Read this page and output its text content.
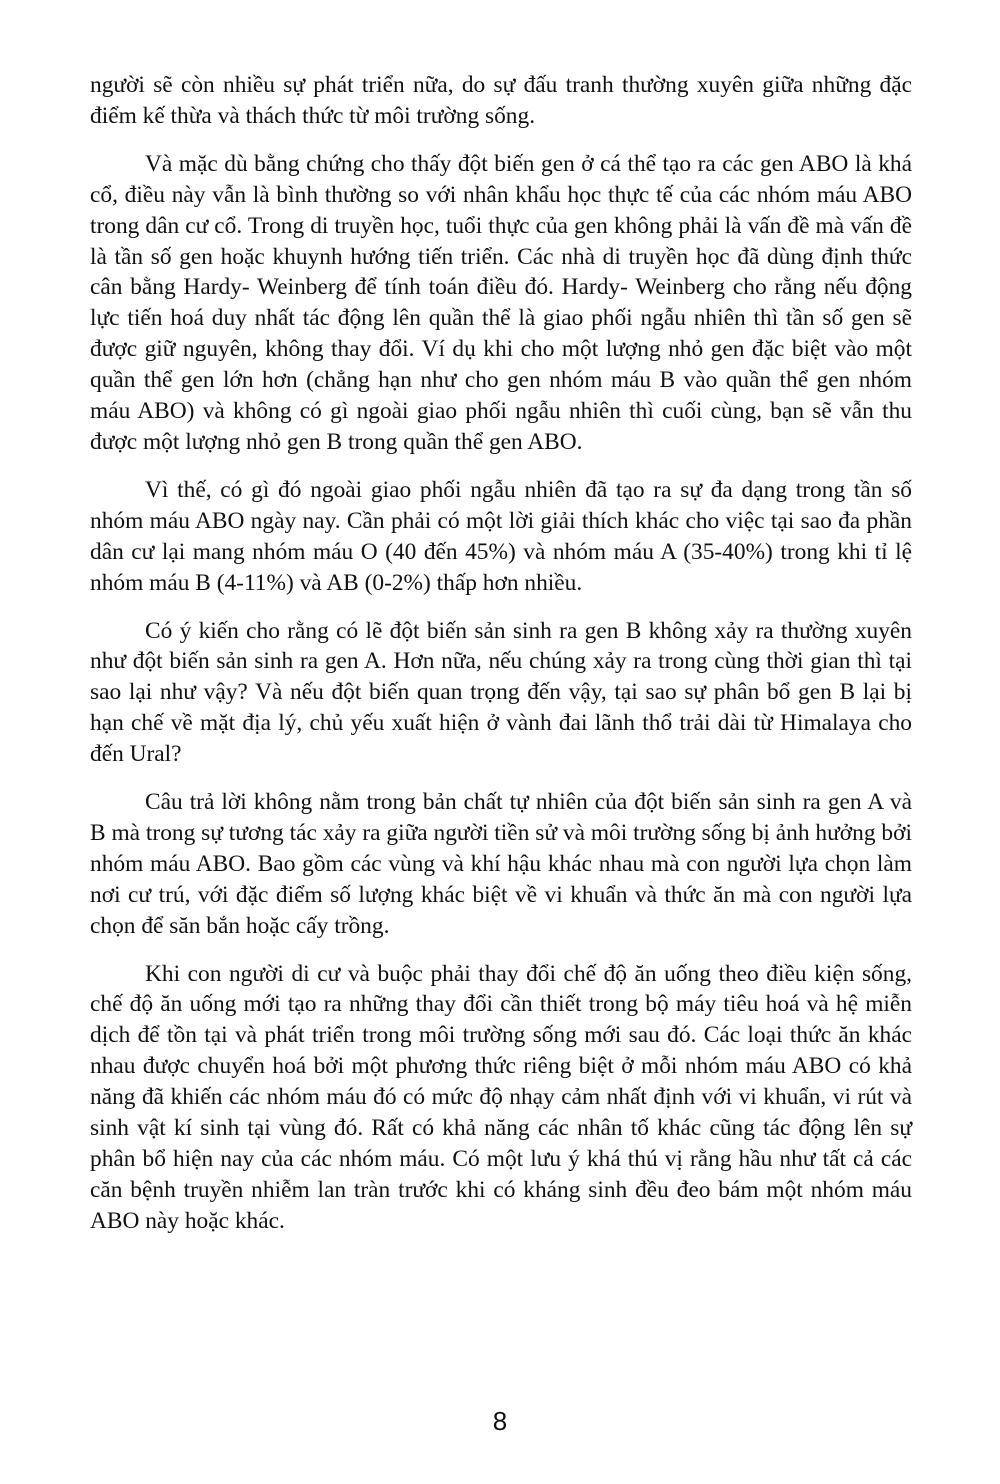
người sẽ còn nhiều sự phát triển nữa, do sự đấu tranh thường xuyên giữa những đặc điểm kế thừa và thách thức từ môi trường sống.

Và mặc dù bằng chứng cho thấy đột biến gen ở cá thể tạo ra các gen ABO là khá cổ, điều này vẫn là bình thường so với nhân khẩu học thực tế của các nhóm máu ABO trong dân cư cổ. Trong di truyền học, tuổi thực của gen không phải là vấn đề mà vấn đề là tần số gen hoặc khuynh hướng tiến triển. Các nhà di truyền học đã dùng định thức cân bằng Hardy- Weinberg để tính toán điều đó. Hardy- Weinberg cho rằng nếu động lực tiến hoá duy nhất tác động lên quần thể là giao phối ngẫu nhiên thì tần số gen sẽ được giữ nguyên, không thay đổi. Ví dụ khi cho một lượng nhỏ gen đặc biệt vào một quần thể gen lớn hơn (chẳng hạn như cho gen nhóm máu B vào quần thể gen nhóm máu ABO) và không có gì ngoài giao phối ngẫu nhiên thì cuối cùng, bạn sẽ vẫn thu được một lượng nhỏ gen B trong quần thể gen ABO.

Vì thế, có gì đó ngoài giao phối ngẫu nhiên đã tạo ra sự đa dạng trong tần số nhóm máu ABO ngày nay. Cần phải có một lời giải thích khác cho việc tại sao đa phần dân cư lại mang nhóm máu O (40 đến 45%) và nhóm máu A (35-40%) trong khi tỉ lệ nhóm máu B (4-11%) và AB (0-2%) thấp hơn nhiều.

Có ý kiến cho rằng có lẽ đột biến sản sinh ra gen B không xảy ra thường xuyên như đột biến sản sinh ra gen A. Hơn nữa, nếu chúng xảy ra trong cùng thời gian thì tại sao lại như vậy? Và nếu đột biến quan trọng đến vậy, tại sao sự phân bổ gen B lại bị hạn chế về mặt địa lý, chủ yếu xuất hiện ở vành đai lãnh thổ trải dài từ Himalaya cho đến Ural?

Câu trả lời không nằm trong bản chất tự nhiên của đột biến sản sinh ra gen A và B mà trong sự tương tác xảy ra giữa người tiền sử và môi trường sống bị ảnh hưởng bởi nhóm máu ABO. Bao gồm các vùng và khí hậu khác nhau mà con người lựa chọn làm nơi cư trú, với đặc điểm số lượng khác biệt về vi khuẩn và thức ăn mà con người lựa chọn để săn bắn hoặc cấy trồng.

Khi con người di cư và buộc phải thay đổi chế độ ăn uống theo điều kiện sống, chế độ ăn uống mới tạo ra những thay đổi cần thiết trong bộ máy tiêu hoá và hệ miễn dịch để tồn tại và phát triển trong môi trường sống mới sau đó. Các loại thức ăn khác nhau được chuyển hoá bởi một phương thức riêng biệt ở mỗi nhóm máu ABO có khả năng đã khiến các nhóm máu đó có mức độ nhạy cảm nhất định với vi khuẩn, vi rút và sinh vật kí sinh tại vùng đó. Rất có khả năng các nhân tố khác cũng tác động lên sự phân bổ hiện nay của các nhóm máu. Có một lưu ý khá thú vị rằng hầu như tất cả các căn bệnh truyền nhiễm lan tràn trước khi có kháng sinh đều đeo bám một nhóm máu ABO này hoặc khác.

8
